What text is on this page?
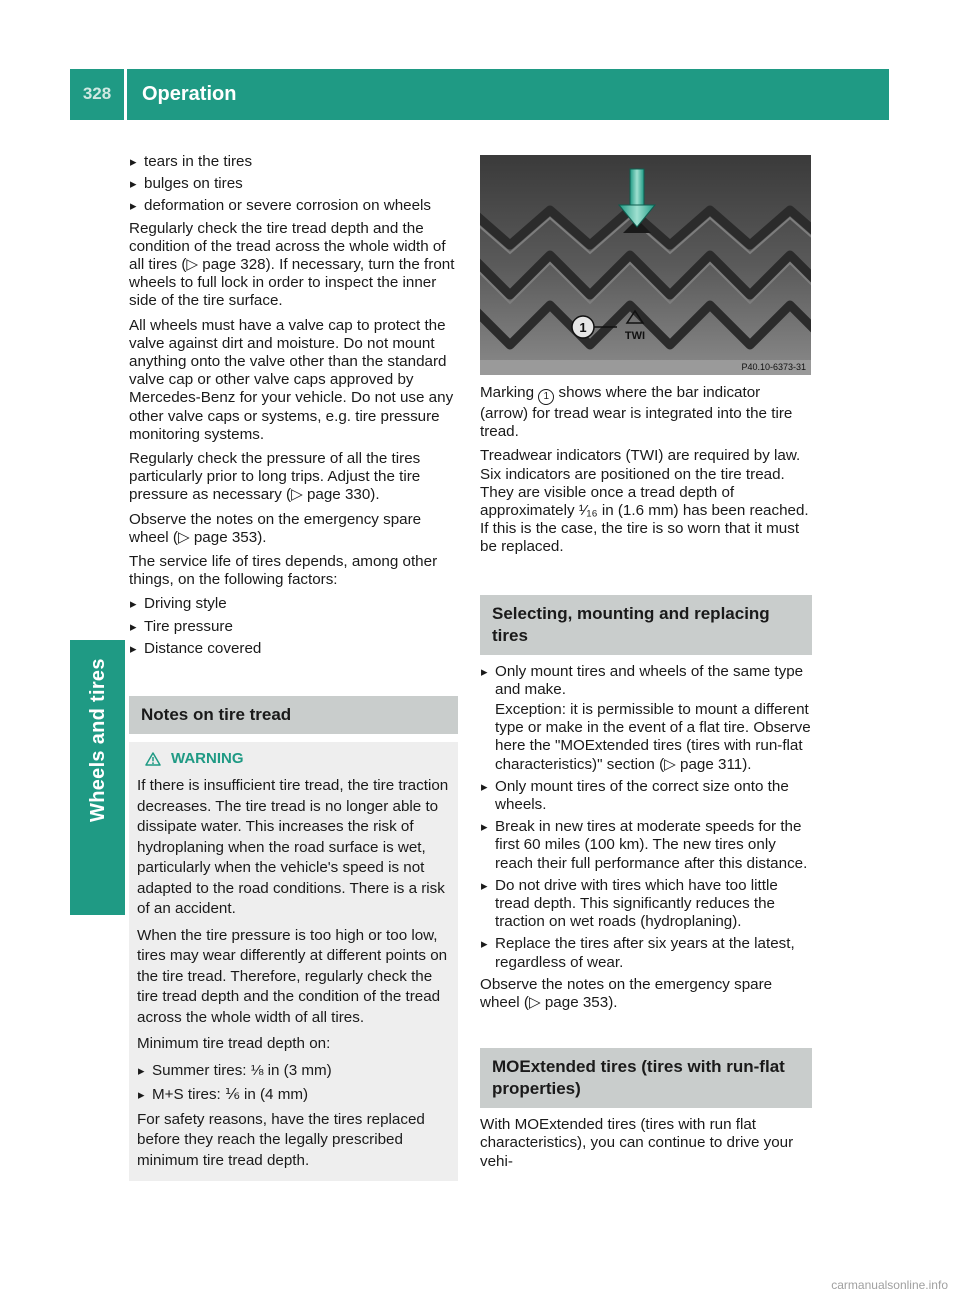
328	Operation
Wheels and tires
▸ tears in the tires
▸ bulges on tires
▸ deformation or severe corrosion on wheels

Regularly check the tire tread depth and the condition of the tread across the whole width of all tires (▷ page 328). If necessary, turn the front wheels to full lock in order to inspect the inner side of the tire surface.

All wheels must have a valve cap to protect the valve against dirt and moisture. Do not mount anything onto the valve other than the standard valve cap or other valve caps approved by Mercedes-Benz for your vehicle. Do not use any other valve caps or systems, e.g. tire pressure monitoring systems.

Regularly check the pressure of all the tires particularly prior to long trips. Adjust the tire pressure as necessary (▷ page 330).

Observe the notes on the emergency spare wheel (▷ page 353).

The service life of tires depends, among other things, on the following factors:

▸ Driving style
▸ Tire pressure
▸ Distance covered
Notes on tire tread
WARNING

If there is insufficient tire tread, the tire traction decreases. The tire tread is no longer able to dissipate water. This increases the risk of hydroplaning when the road surface is wet, particularly when the vehicle's speed is not adapted to the road conditions. There is a risk of an accident.

When the tire pressure is too high or too low, tires may wear differently at different points on the tire tread. Therefore, regularly check the tire tread depth and the condition of the tread across the whole width of all tires.

Minimum tire tread depth on:

▸ Summer tires: ⅛ in (3 mm)
▸ M+S tires: ⅙ in (4 mm)

For safety reasons, have the tires replaced before they reach the legally prescribed minimum tire tread depth.

1
TWI
P40.10-6373-31

Marking 1 shows where the bar indicator (arrow) for tread wear is integrated into the tire tread.

Treadwear indicators (TWI) are required by law. Six indicators are positioned on the tire tread. They are visible once a tread depth of approximately ¹⁄₁₆ in (1.6 mm) has been reached. If this is the case, the tire is so worn that it must be replaced.

Selecting, mounting and replacing tires
▸ Only mount tires and wheels of the same type and make.

Exception: it is permissible to mount a different type or make in the event of a flat tire. Observe here the "MOExtended tires (tires with run-flat characteristics)" section (▷ page 311).

▸ Only mount tires of the correct size onto the wheels.
▸ Break in new tires at moderate speeds for the first 60 miles (100 km). The new tires only reach their full performance after this distance.
▸ Do not drive with tires which have too little tread depth. This significantly reduces the traction on wet roads (hydroplaning).
▸ Replace the tires after six years at the latest, regardless of wear.

Observe the notes on the emergency spare wheel (▷ page 353).

MOExtended tires (tires with run-flat properties)

With MOExtended tires (tires with run flat characteristics), you can continue to drive your vehi-

carmanualsonline.info
